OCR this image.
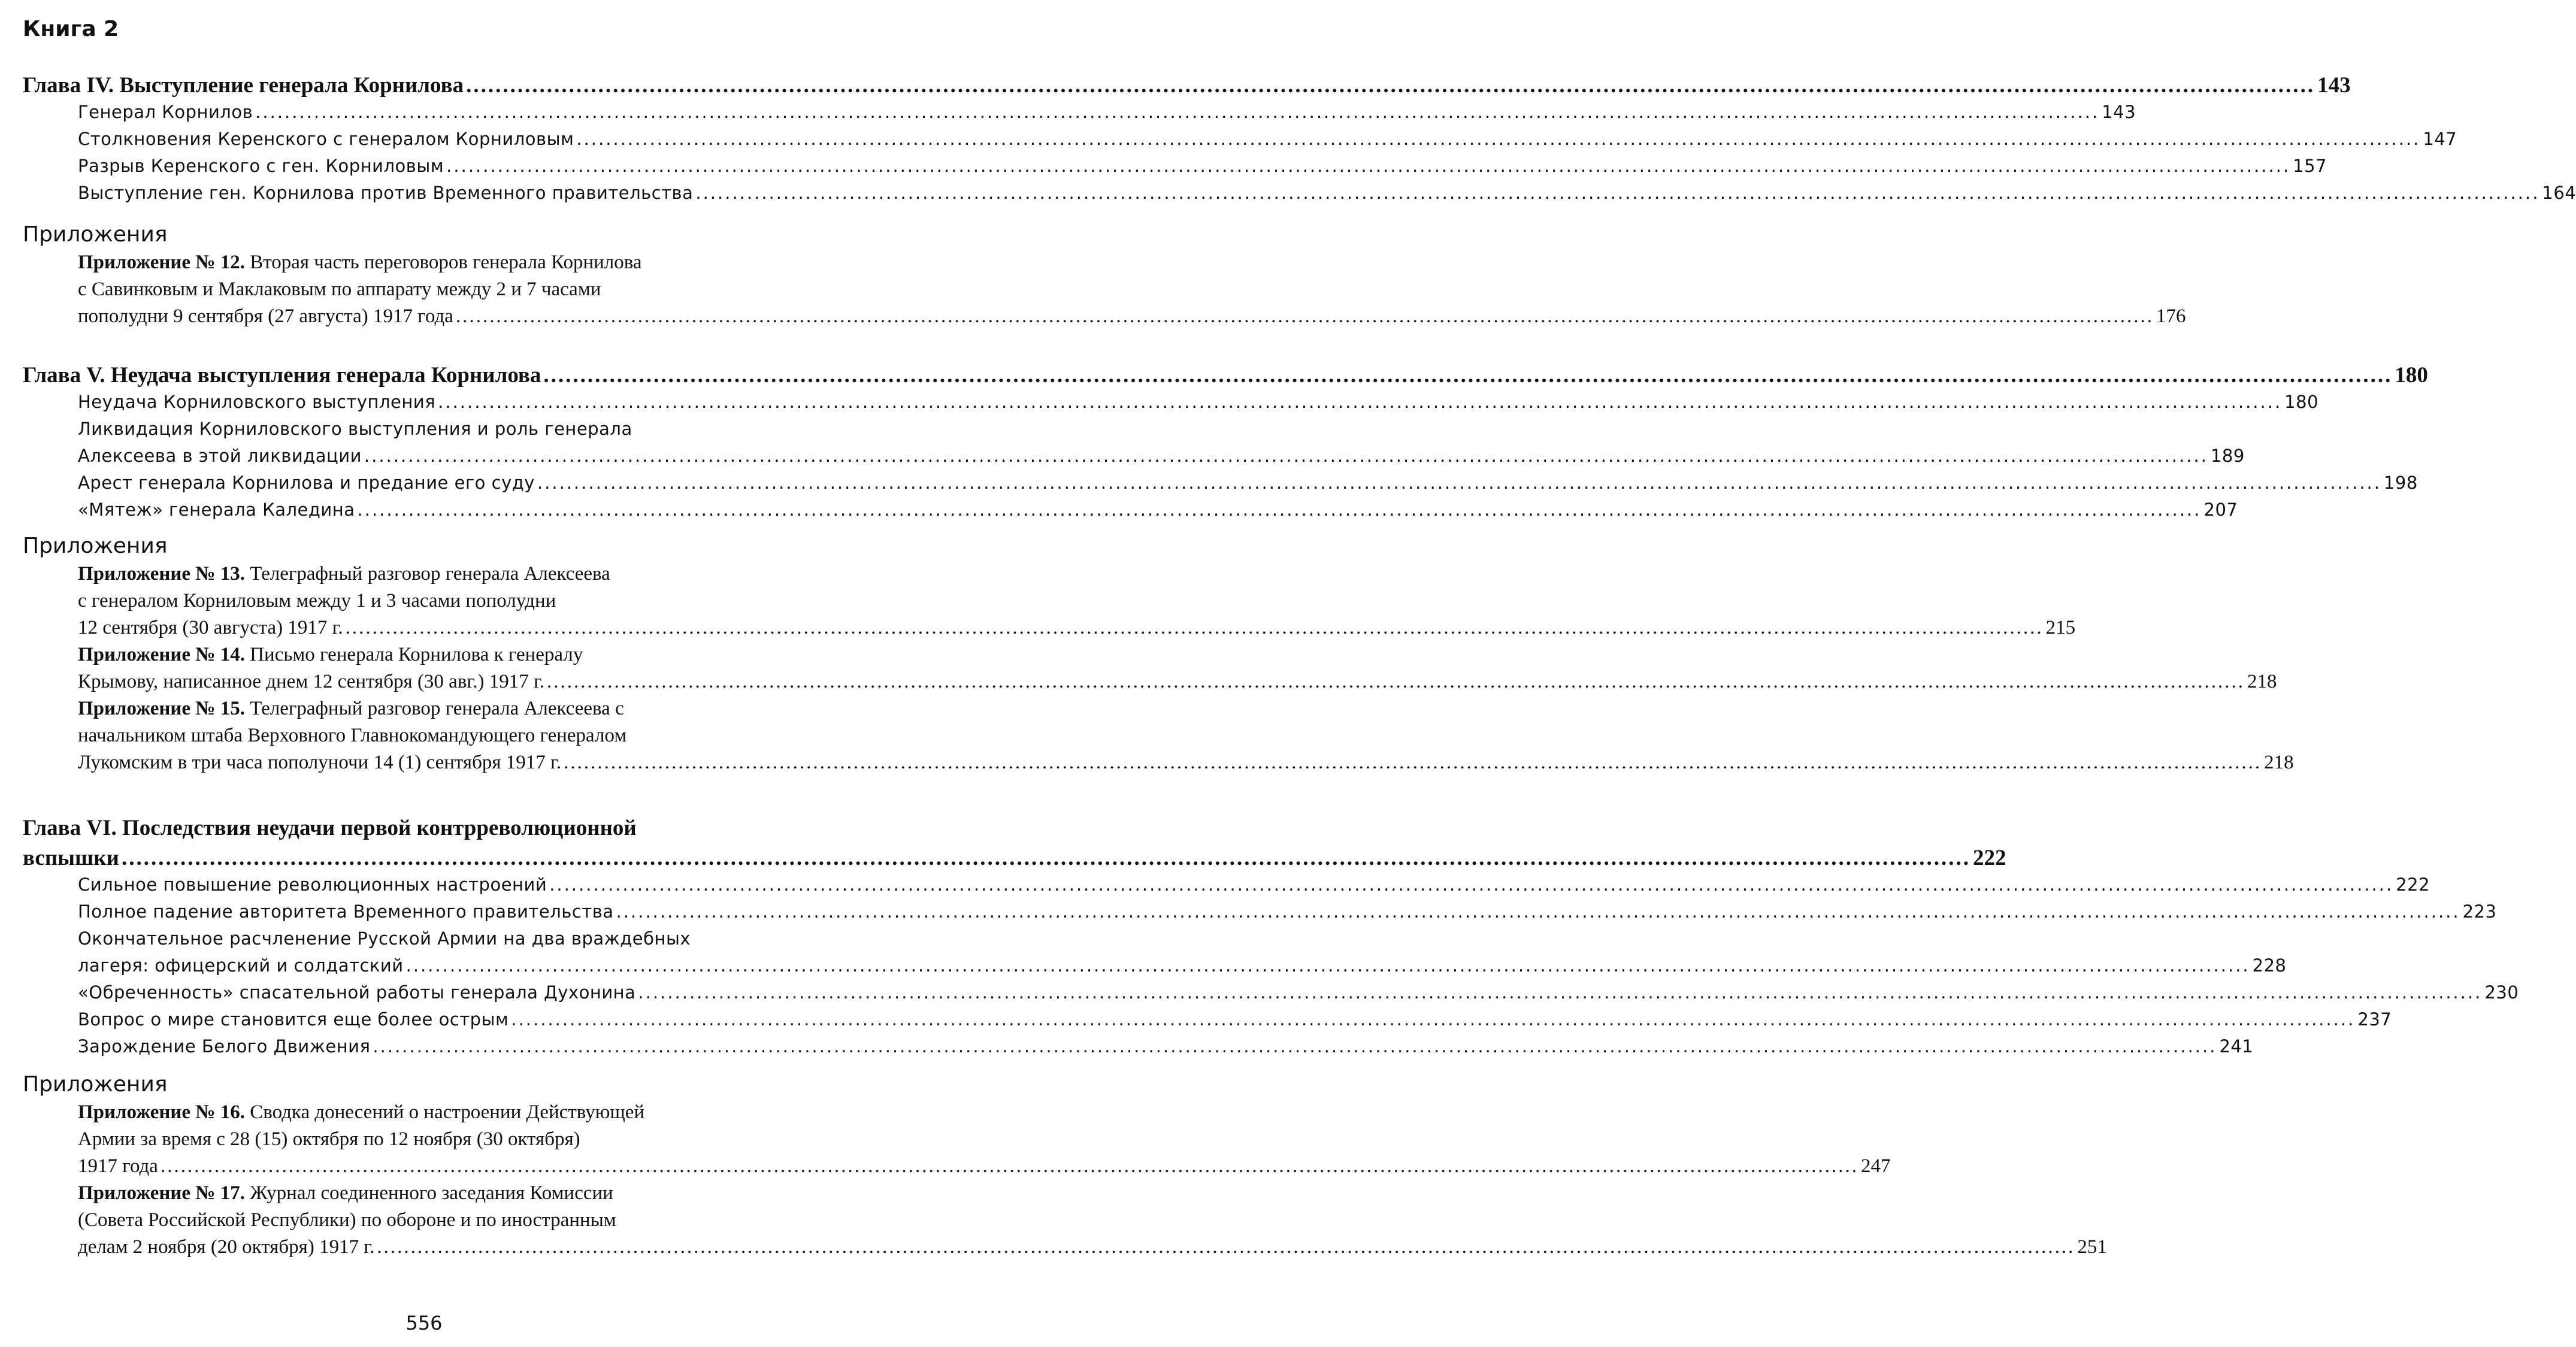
Книга 2
Глава IV. Выступление генерала Корнилова .....	143
Генерал Корнилов .....	143
Столкновения Керенского с генералом Корниловым .....	147
Разрыв Керенского с ген. Корниловым .....	157
Выступление ген. Корнилова против Временного правительства .....	164
Приложения
Приложение № 12. Вторая часть переговоров генерала Корнилова
с Савинковым и Маклаковым по аппарату между 2 и 7 часами
пополудни 9 сентября (27 августа) 1917 года .....	176
Глава V. Неудача выступления генерала Корнилова .....	180
Неудача Корниловского выступления .....	180
Ликвидация Корниловского выступления и роль генерала
Алексеева в этой ликвидации .....	189
Арест генерала Корнилова и предание его суду .....	198
«Мятеж» генерала Каледина .....	207
Приложения
Приложение № 13. Телеграфный разговор генерала Алексеева
с генералом Корниловым между 1 и 3 часами пополудни
12 сентября (30 августа) 1917 г. .....	215
Приложение № 14. Письмо генерала Корнилова к генералу
Крымову, написанное днем 12 сентября (30 авг.) 1917 г. .....	218
Приложение № 15. Телеграфный разговор генерала Алексеева с
начальником штаба Верховного Главнокомандующего генералом
Лукомским в три часа пополуночи 14 (1) сентября 1917 г. .....	218
Глава VI. Последствия неудачи первой контрреволюционной
вспышки .....	222
Сильное повышение революционных настроений .....	222
Полное падение авторитета Временного правительства .....	223
Окончательное расчленение Русской Армии на два враждебных
лагеря: офицерский и солдатский .....	228
«Обреченность» спасательной работы генерала Духонина .....	230
Вопрос о мире становится еще более острым .....	237
Зарождение Белого Движения .....	241
Приложения
Приложение № 16. Сводка донесений о настроении Действующей
Армии за время с 28 (15) октября по 12 ноября (30 октября)
1917 года .....	247
Приложение № 17. Журнал соединенного заседания Комиссии
(Совета Российской Республики) по обороне и по иностранным
делам 2 ноября (20 октября) 1917 г. .....	251
556
